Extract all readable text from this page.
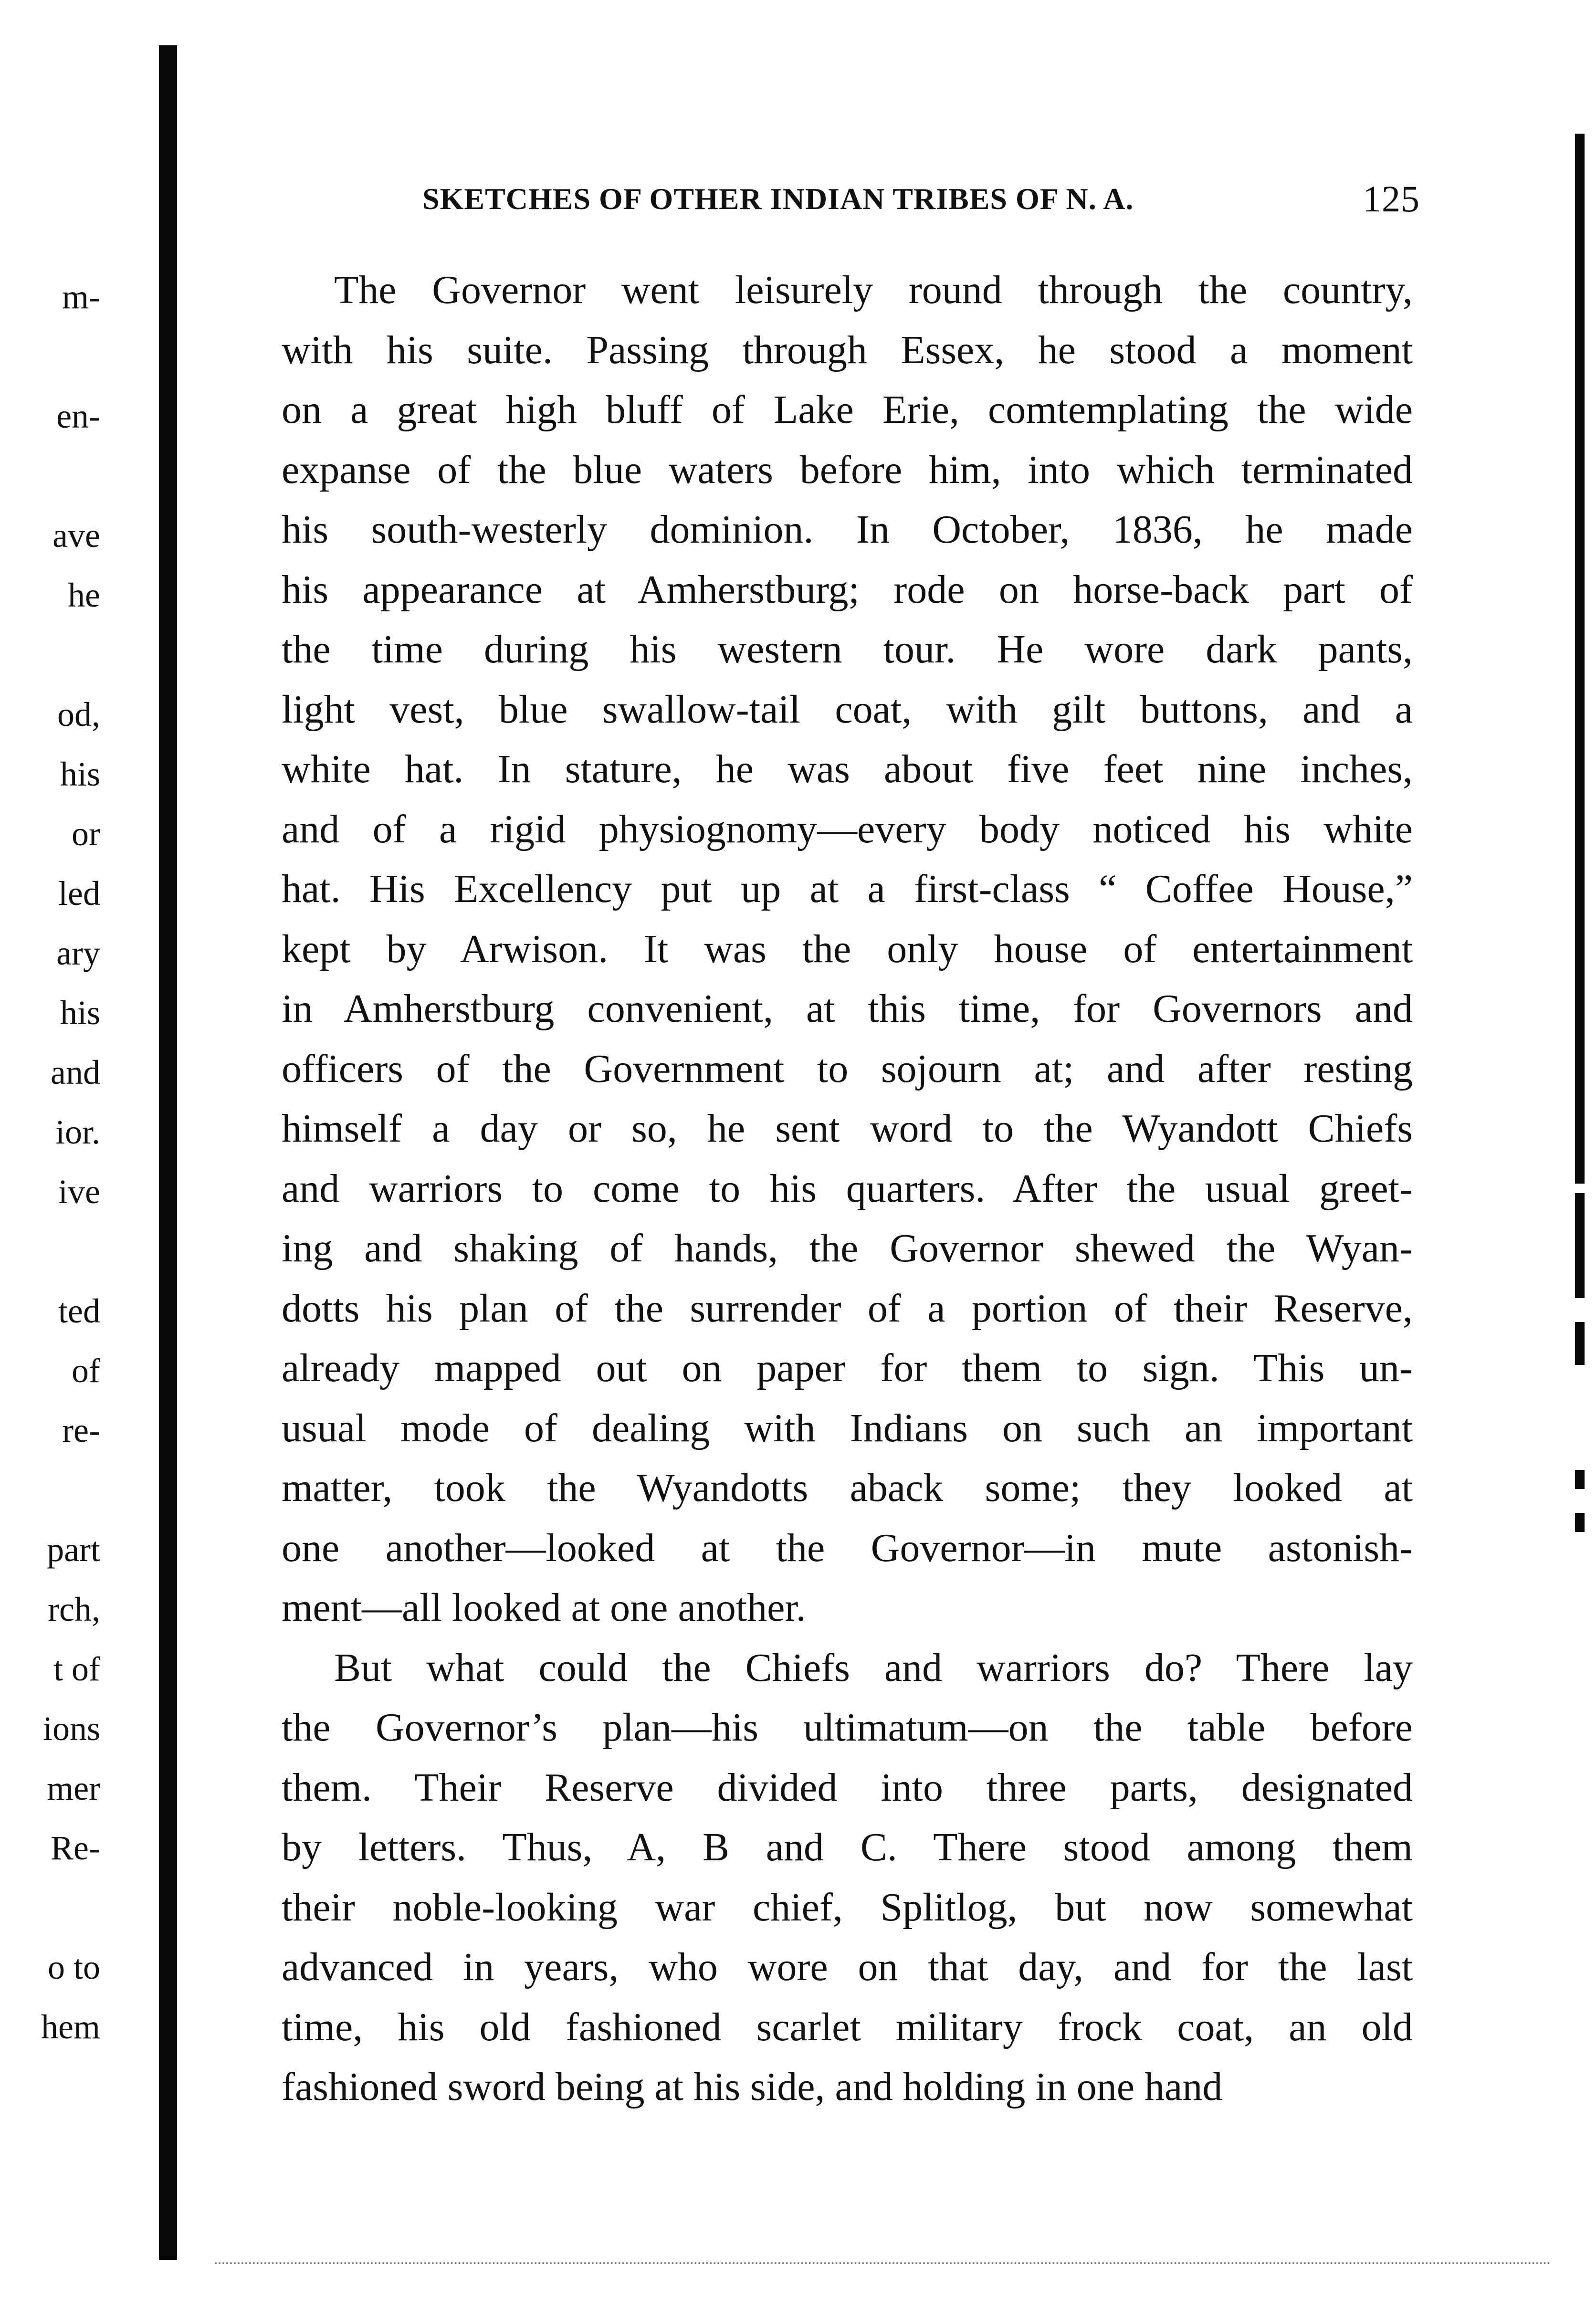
m-
en-
ave
he
od,
his
or
led
ary
his
and
ior.
ive
ted
of
re-
part
rch,
t of
ions
mer
Re-
o to
hem
SKETCHES OF OTHER INDIAN TRIBES OF N. A.	125
The Governor went leisurely round through the country,
with his suite. Passing through Essex, he stood a moment
on a great high bluff of Lake Erie, comtemplating the wide
expanse of the blue waters before him, into which terminated
his south-westerly dominion. In October, 1836, he made
his appearance at Amherstburg; rode on horse-back part of
the time during his western tour. He wore dark pants,
light vest, blue swallow-tail coat, with gilt buttons, and a
white hat. In stature, he was about five feet nine inches,
and of a rigid physiognomy—every body noticed his white
hat. His Excellency put up at a first-class “ Coffee House,”
kept by Arwison. It was the only house of entertainment
in Amherstburg convenient, at this time, for Governors and
officers of the Government to sojourn at; and after resting
himself a day or so, he sent word to the Wyandott Chiefs
and warriors to come to his quarters. After the usual greet-
ing and shaking of hands, the Governor shewed the Wyan-
dotts his plan of the surrender of a portion of their Reserve,
already mapped out on paper for them to sign. This un-
usual mode of dealing with Indians on such an important
matter, took the Wyandotts aback some; they looked at
one another—looked at the Governor—in mute astonish-
ment—all looked at one another.
But what could the Chiefs and warriors do? There lay
the Governor’s plan—his ultimatum—on the table before
them. Their Reserve divided into three parts, designated
by letters. Thus, A, B and C. There stood among them
their noble-looking war chief, Splitlog, but now somewhat
advanced in years, who wore on that day, and for the last
time, his old fashioned scarlet military frock coat, an old
fashioned sword being at his side, and holding in one hand
